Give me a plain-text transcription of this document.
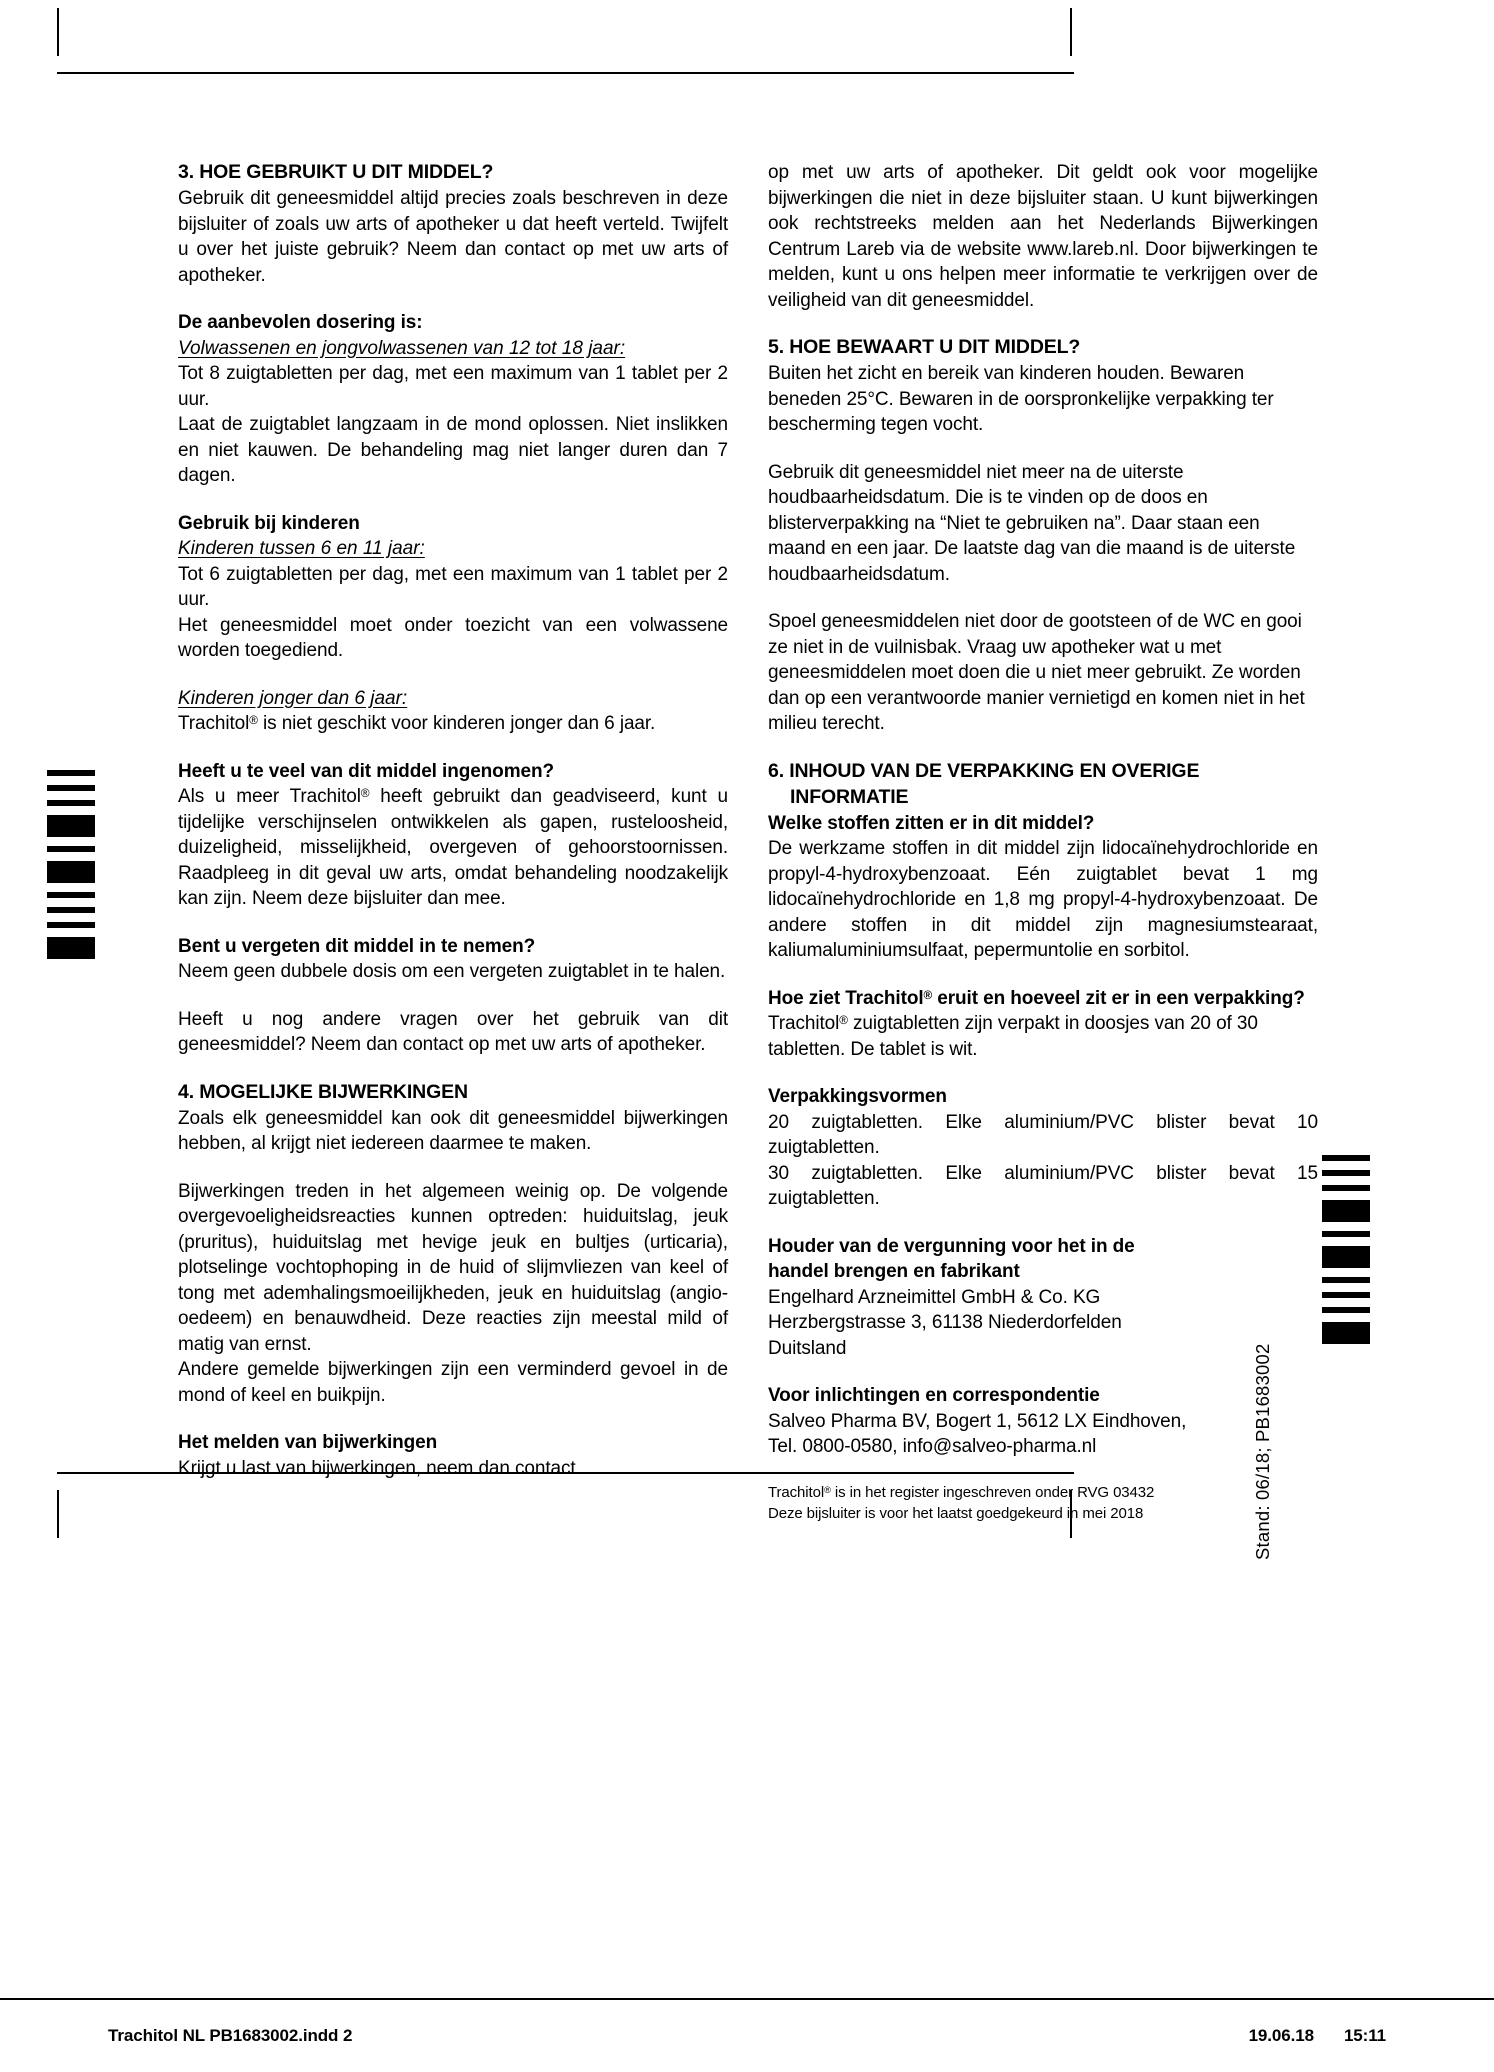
3. HOE GEBRUIKT U DIT MIDDEL?

Gebruik dit geneesmiddel altijd precies zoals beschreven in deze bijsluiter of zoals uw arts of apotheker u dat heeft verteld. Twijfelt u over het juiste gebruik? Neem dan contact op met uw arts of apotheker.

De aanbevolen dosering is:
Volwassenen en jongvolwassenen van 12 tot 18 jaar:

Tot 8 zuigtabletten per dag, met een maximum van 1 tablet per 2 uur.

Laat de zuigtablet langzaam in de mond oplossen. Niet inslikken en niet kauwen. De behandeling mag niet langer duren dan 7 dagen.

Gebruik bij kinderen
Kinderen tussen 6 en 11 jaar:

Tot 6 zuigtabletten per dag, met een maximum van 1 tablet per 2 uur.

Het geneesmiddel moet onder toezicht van een volwassene worden toegediend.

Kinderen jonger dan 6 jaar:

Trachitol® is niet geschikt voor kinderen jonger dan 6 jaar.

Heeft u te veel van dit middel ingenomen?

Als u meer Trachitol® heeft gebruikt dan geadviseerd, kunt u tijdelijke verschijnselen ontwikkelen als gapen, rusteloosheid, duizeligheid, misselijkheid, overgeven of gehoorstoornissen. Raadpleeg in dit geval uw arts, omdat behandeling noodzakelijk kan zijn. Neem deze bijsluiter dan mee.

Bent u vergeten dit middel in te nemen?

Neem geen dubbele dosis om een vergeten zuigtablet in te halen.

Heeft u nog andere vragen over het gebruik van dit geneesmiddel? Neem dan contact op met uw arts of apotheker.

4. MOGELIJKE BIJWERKINGEN

Zoals elk geneesmiddel kan ook dit geneesmiddel bijwerkingen hebben, al krijgt niet iedereen daarmee te maken.

Bijwerkingen treden in het algemeen weinig op. De volgende overgevoeligheidsreacties kunnen optreden: huiduitslag, jeuk (pruritus), huiduitslag met hevige jeuk en bultjes (urticaria), plotselinge vochtophoping in de huid of slijmvliezen van keel of tong met ademhalingsmoeilijkheden, jeuk en huiduitslag (angio-oedeem) en benauwdheid. Deze reacties zijn meestal mild of matig van ernst.

Andere gemelde bijwerkingen zijn een verminderd gevoel in de mond of keel en buikpijn.

Het melden van bijwerkingen

Krijgt u last van bijwerkingen, neem dan contact

op met uw arts of apotheker. Dit geldt ook voor mogelijke bijwerkingen die niet in deze bijsluiter staan. U kunt bijwerkingen ook rechtstreeks melden aan het Nederlands Bijwerkingen Centrum Lareb via de website www.lareb.nl. Door bijwerkingen te melden, kunt u ons helpen meer informatie te verkrijgen over de veiligheid van dit geneesmiddel.

5. HOE BEWAART U DIT MIDDEL?

Buiten het zicht en bereik van kinderen houden. Bewaren beneden 25°C. Bewaren in de oorspronkelijke verpakking ter bescherming tegen vocht.

Gebruik dit geneesmiddel niet meer na de uiterste houdbaarheidsdatum. Die is te vinden op de doos en blisterverpakking na “Niet te gebruiken na”. Daar staan een maand en een jaar. De laatste dag van die maand is de uiterste houdbaarheidsdatum.

Spoel geneesmiddelen niet door de gootsteen of de WC en gooi ze niet in de vuilnisbak. Vraag uw apotheker wat u met geneesmiddelen moet doen die u niet meer gebruikt. Ze worden dan op een verantwoorde manier vernietigd en komen niet in het milieu terecht.

6. INHOUD VAN DE VERPAKKING EN OVERIGE
INFORMATIE
Welke stoffen zitten er in dit middel?

De werkzame stoffen in dit middel zijn lidocaïnehydrochloride en propyl-4-hydroxybenzoaat. Eén zuigtablet bevat 1 mg lidocaïnehydrochloride en 1,8 mg propyl-4-hydroxybenzoaat. De andere stoffen in dit middel zijn magnesiumstearaat, kaliumaluminiumsulfaat, pepermuntolie en sorbitol.

Hoe ziet Trachitol® eruit en hoeveel zit er in een verpakking?

Trachitol® zuigtabletten zijn verpakt in doosjes van 20 of 30 tabletten. De tablet is wit.

Verpakkingsvormen

20 zuigtabletten. Elke aluminium/PVC blister bevat 10 zuigtabletten.

30 zuigtabletten. Elke aluminium/PVC blister bevat 15 zuigtabletten.

Houder van de vergunning voor het in de
handel brengen en fabrikant

Engelhard Arzneimittel GmbH & Co. KG

Herzbergstrasse 3, 61138 Niederdorfelden

Duitsland

Voor inlichtingen en correspondentie

Salveo Pharma BV, Bogert 1, 5612 LX Eindhoven,

Tel. 0800-0580, info@salveo-pharma.nl

Trachitol® is in het register ingeschreven onder RVG 03432

Deze bijsluiter is voor het laatst goedgekeurd in mei 2018	Stand: 06/18; PB1683002
Trachitol NL PB1683002.indd 2	19.06.18 15:11
